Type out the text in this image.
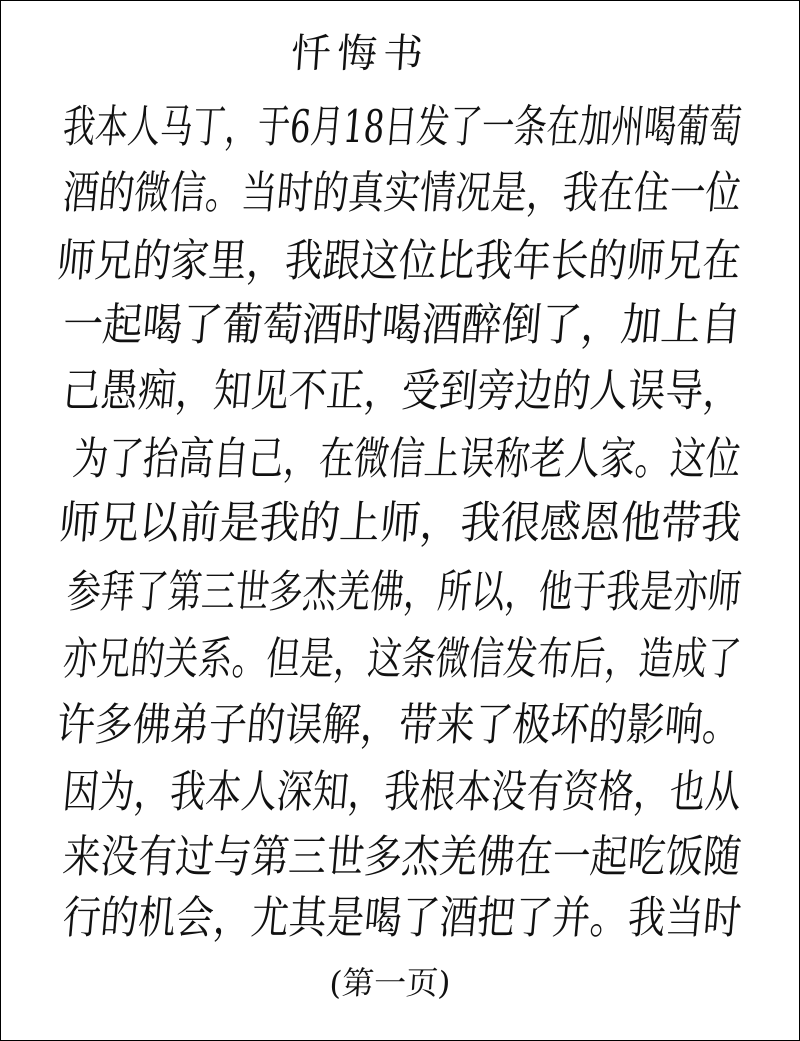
忏悔书
我本人马丁，于6月18日发了一条在加州喝葡萄
酒的微信。当时的真实情况是，我在住一位
师兄的家里，我跟这位比我年长的师兄在
一起喝了葡萄酒时喝酒醉倒了，加上自
己愚痴，知见不正，受到旁边的人误导，
为了抬高自己，在微信上误称老人家。这位
师兄以前是我的上师，我很感恩他带我
参拜了第三世多杰羌佛，所以，他于我是亦师
亦兄的关系。但是，这条微信发布后，造成了
许多佛弟子的误解，带来了极坏的影响。
因为，我本人深知，我根本没有资格，也从
来没有过与第三世多杰羌佛在一起吃饭随
行的机会，尤其是喝了酒把了并。我当时
(第一页)
